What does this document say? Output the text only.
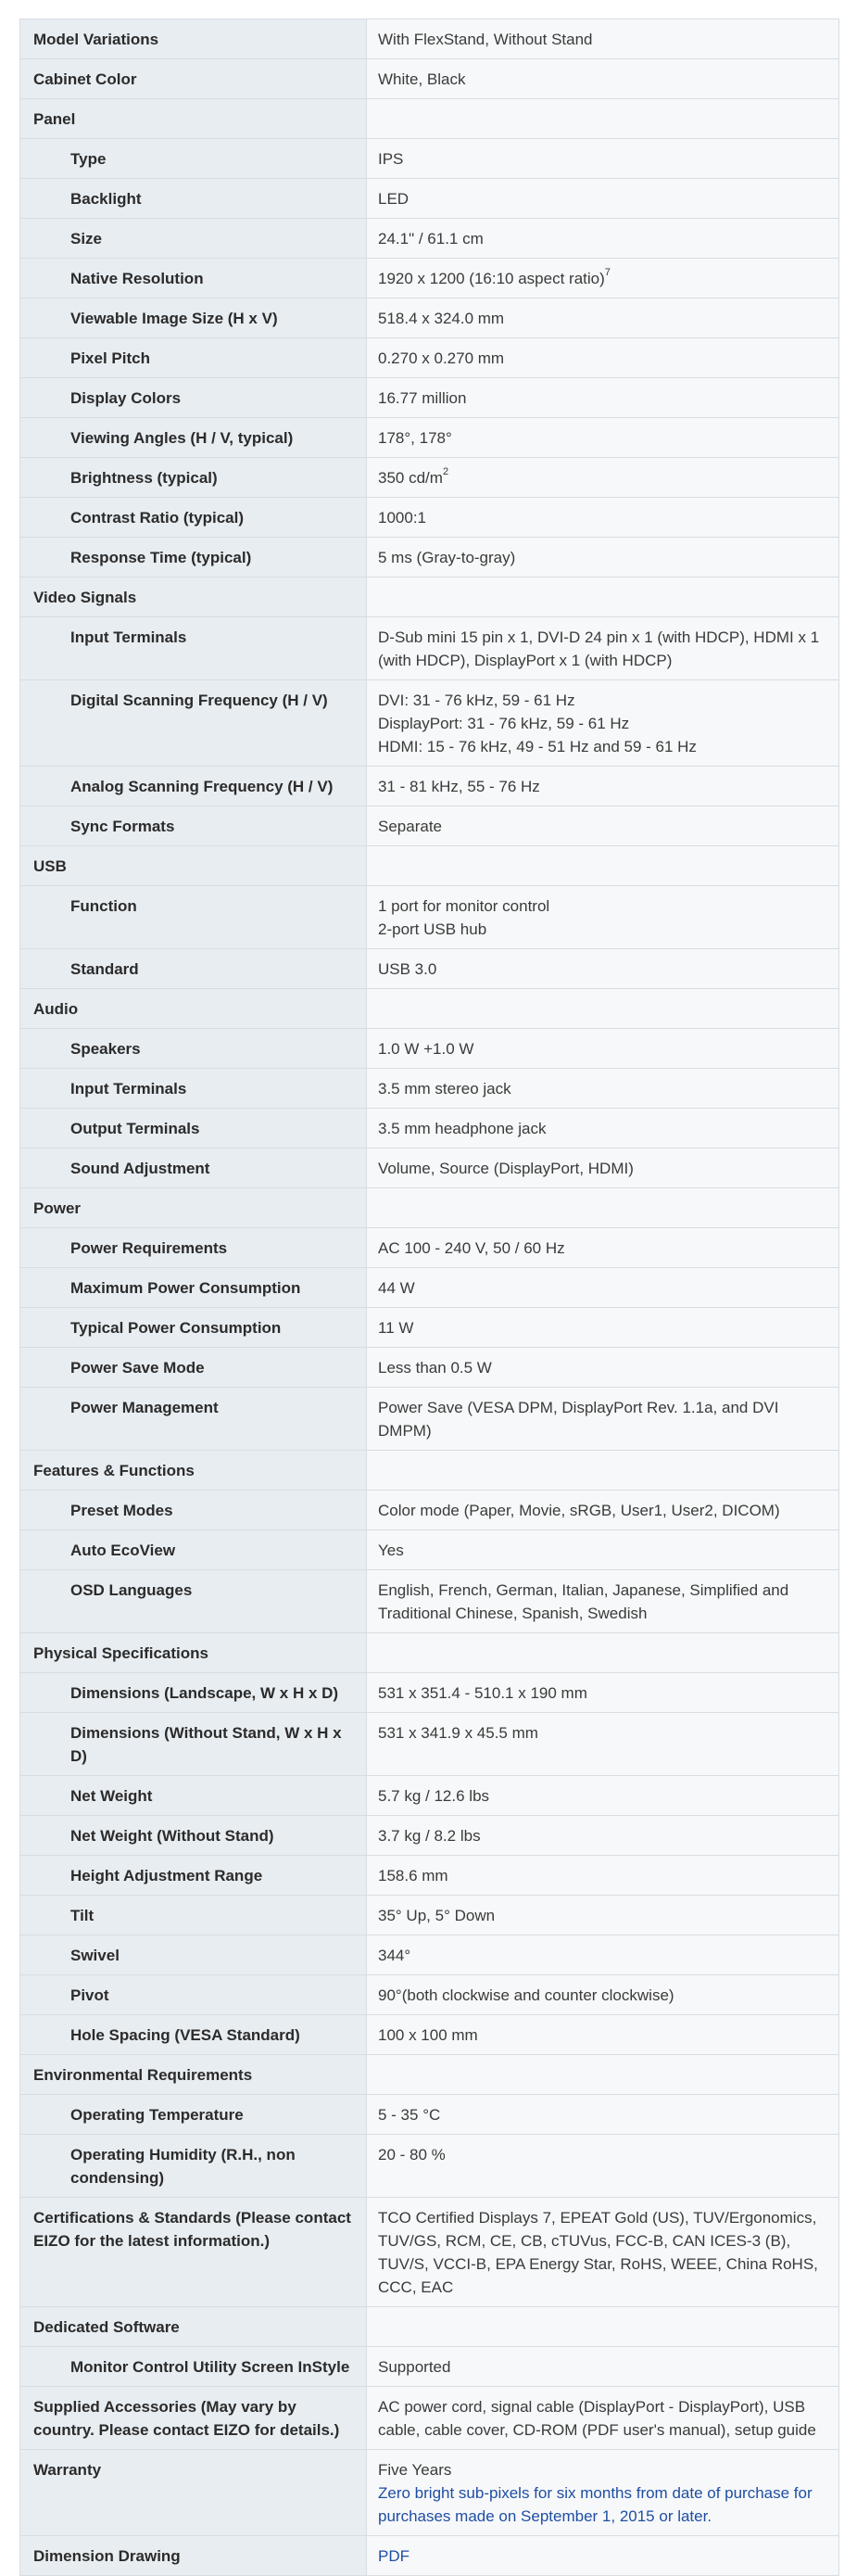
Model Variations	With FlexStand, Without Stand

Cabinet Color	White, Black

Panel	
Type	IPS

Backlight	LED

Size	24.1" / 61.1 cm

Native Resolution	1920 x 1200 (16:10 aspect ratio)$^7$

Viewable Image Size (H x V)	518.4 x 324.0 mm

Pixel Pitch	0.270 x 0.270 mm

Display Colors	16.77 million

Viewing Angles (H / V, typical)	178°, 178°

Brightness (typical)	350 $cd/m^2$

Contrast Ratio (typical)	1000:1

Response Time (typical)	5 ms (Gray-to-gray)

Video Signals	
Input Terminals	D-Sub mini 15 pin x 1, DVI-D 24 pin x 1 (with HDCP), HDMI x 1 (with HDCP), DisplayPort x 1 (with HDCP)

Digital Scanning Frequency (H / V)	DVI: 31 - 76 kHz, 59 - 61 Hz
DisplayPort: 31 - 76 kHz, 59 - 61 Hz
HDMI: 15 - 76 kHz, 49 - 51 Hz and 59 - 61 Hz

Analog Scanning Frequency (H / V)	31 - 81 kHz, 55 - 76 Hz

Sync Formats	Separate

USB	
Function	1 port for monitor control
2-port USB hub

Standard	USB 3.0

Audio	
Speakers	1.0 W +1.0 W

Input Terminals	3.5 mm stereo jack

Output Terminals	3.5 mm headphone jack

Sound Adjustment	Volume, Source (DisplayPort, HDMI)

Power	
Power Requirements	AC 100 - 240 V, 50 / 60 Hz

Maximum Power Consumption	44 W

Typical Power Consumption	11 W

Power Save Mode	Less than 0.5 W

Power Management	Power Save (VESA DPM, DisplayPort Rev. 1.1a, and DVI DMPM)

Features & Functions	
Preset Modes	Color mode (Paper, Movie, sRGB, User1, User2, DICOM)

Auto EcoView	Yes

OSD Languages	English, French, German, Italian, Japanese, Simplified and Traditional Chinese, Spanish, Swedish

Physical Specifications	
Dimensions (Landscape, W x H x D)	531 x 351.4 - 510.1 x 190 mm

Dimensions (Without Stand, W x H x D)	531 x 341.9 x 45.5 mm

Net Weight	5.7 kg / 12.6 lbs

Net Weight (Without Stand)	3.7 kg / 8.2 lbs

Height Adjustment Range	158.6 mm

Tilt	35° Up, 5° Down

Swivel	344°

Pivot	90°(both clockwise and counter clockwise)

Hole Spacing (VESA Standard)	100 x 100 mm

Environmental Requirements	
Operating Temperature	5 - 35 °C

Operating Humidity (R.H., non condensing)	20 - 80 %

Certifications & Standards (Please contact EIZO for the latest information.)	TCO Certified Displays 7, EPEAT Gold (US), TUV/Ergonomics, TUV/GS, RCM, CE, CB, cTUVus, FCC-B, CAN ICES-3 (B), TUV/S, VCCI-B, EPA Energy Star, RoHS, WEEE, China RoHS, CCC, EAC

Dedicated Software	
Monitor Control Utility Screen InStyle	Supported

Supplied Accessories (May vary by country. Please contact EIZO for details.)	AC power cord, signal cable (DisplayPort - DisplayPort), USB cable, cable cover, CD-ROM (PDF user's manual), setup guide

Warranty	Five Years
Zero bright sub-pixels for six months from date of purchase for purchases made on September 1, 2015 or later.

Dimension Drawing	PDF
